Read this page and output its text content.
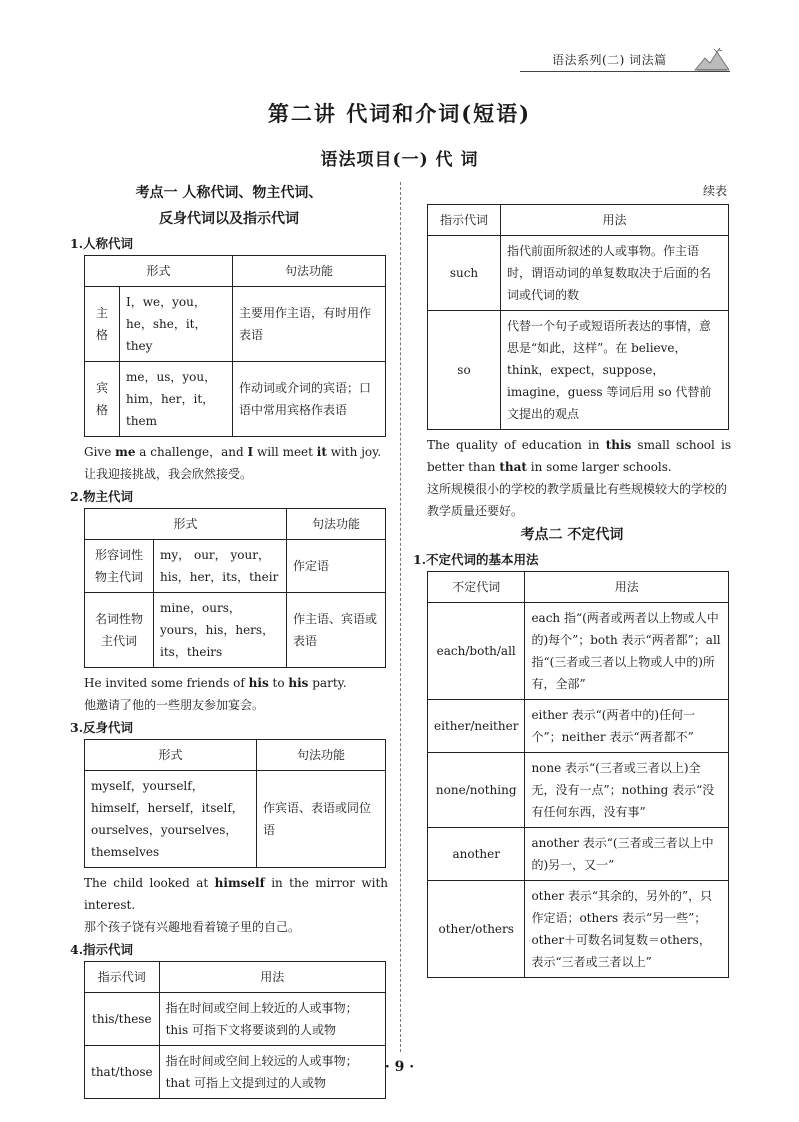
语法系列(二) 词法篇
第二讲 代词和介词(短语)
语法项目(一) 代 词
考点一 人称代词、物主代词、
反身代词以及指示代词
1.人称代词
形式		句法功能
主格	I，we，you，he，she，it，they	主要用作主语，有时用作表语
宾格	me，us，you，him，her，it，them	作动词或介词的宾语；口语中常用宾格作表语
Give me a challenge，and I will meet it with joy.
让我迎接挑战，我会欣然接受。
2.物主代词
形式		句法功能
形容词性物主代词	my， our， your，his，her，its，their	作定语
名词性物主代词	mine，ours，yours，his，hers，its，theirs	作主语、宾语或表语
He invited some friends of his to his party.
他邀请了他的一些朋友参加宴会。
3.反身代词
形式	句法功能
myself，yourself，himself，herself，itself，ourselves，yourselves，themselves	作宾语、表语或同位语
The child looked at himself in the mirror with interest.
那个孩子饶有兴趣地看着镜子里的自己。
4.指示代词
指示代词	用法
this/these	指在时间或空间上较近的人或事物；this 可指下文将要谈到的人或物
that/those	指在时间或空间上较远的人或事物；that 可指上文提到过的人或物
续表
指示代词	用法
such	指代前面所叙述的人或事物。作主语时，谓语动词的单复数取决于后面的名词或代词的数
so	代替一个句子或短语所表达的事情，意思是“如此，这样”。在 believe，think，expect，suppose，imagine，guess 等词后用 so 代替前文提出的观点
The quality of education in this small school is better than that in some larger schools.
这所规模很小的学校的教学质量比有些规模较大的学校的教学质量还要好。
考点二 不定代词
1.不定代词的基本用法
不定代词	用法
each/both/all	each 指“(两者或两者以上物或人中的)每个”；both 表示“两者都”；all 指“(三者或三者以上物或人中的)所有，全部”
either/neither	either 表示“(两者中的)任何一个”；neither 表示“两者都不”
none/nothing	none 表示“(三者或三者以上)全无，没有一点”；nothing 表示“没有任何东西，没有事”
another	another 表示“(三者或三者以上中的)另一，又一”
other/others	other 表示“其余的，另外的”，只作定语；others 表示“另一些”；other＋可数名词复数＝others，表示“三者或三者以上”
· 9 ·
